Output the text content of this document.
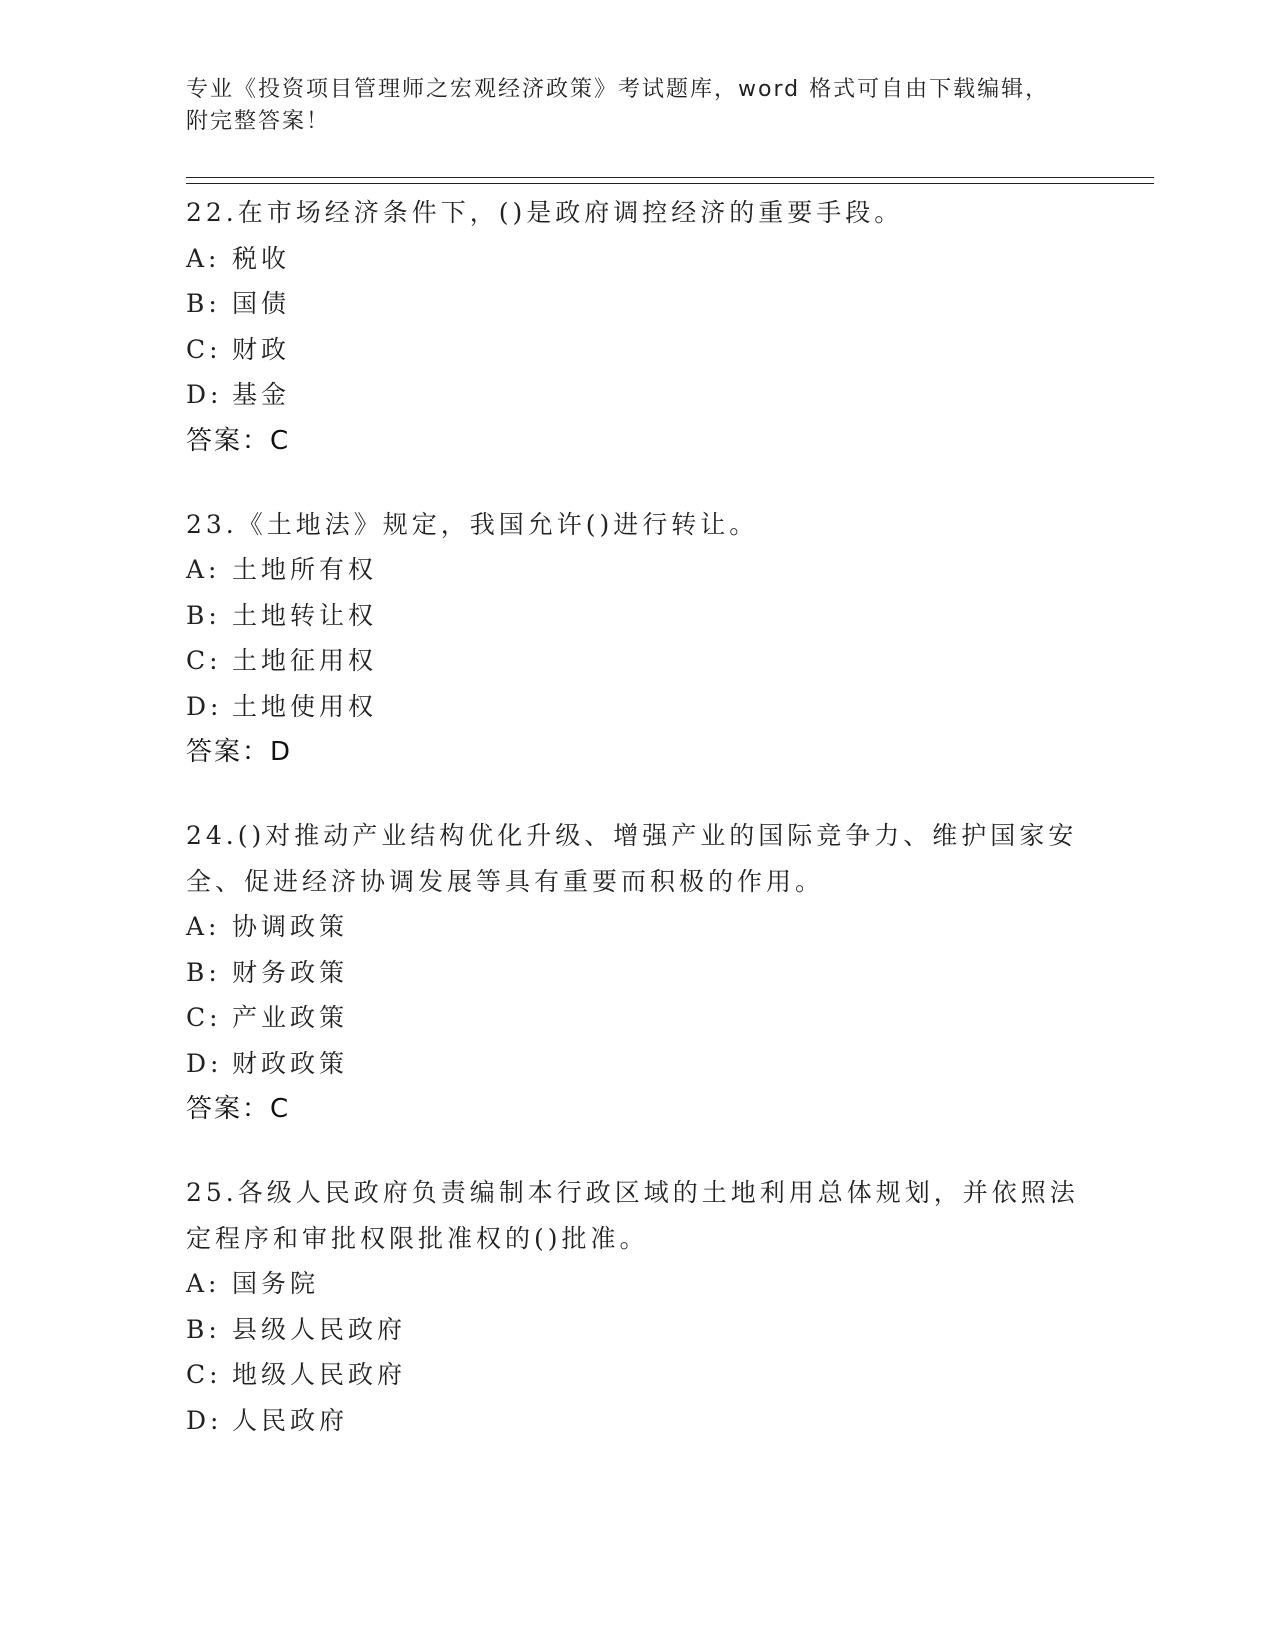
专业《投资项目管理师之宏观经济政策》考试题库，word 格式可自由下载编辑，
附完整答案！
22.在市场经济条件下，()是政府调控经济的重要手段。
A: 税收
B: 国债
C: 财政
D: 基金
答案：C
23.《土地法》规定，我国允许()进行转让。
A: 土地所有权
B: 土地转让权
C: 土地征用权
D: 土地使用权
答案：D
24.()对推动产业结构优化升级、增强产业的国际竞争力、维护国家安
全、促进经济协调发展等具有重要而积极的作用。
A: 协调政策
B: 财务政策
C: 产业政策
D: 财政政策
答案：C
25.各级人民政府负责编制本行政区域的土地利用总体规划，并依照法
定程序和审批权限批准权的()批准。
A: 国务院
B: 县级人民政府
C: 地级人民政府
D: 人民政府
